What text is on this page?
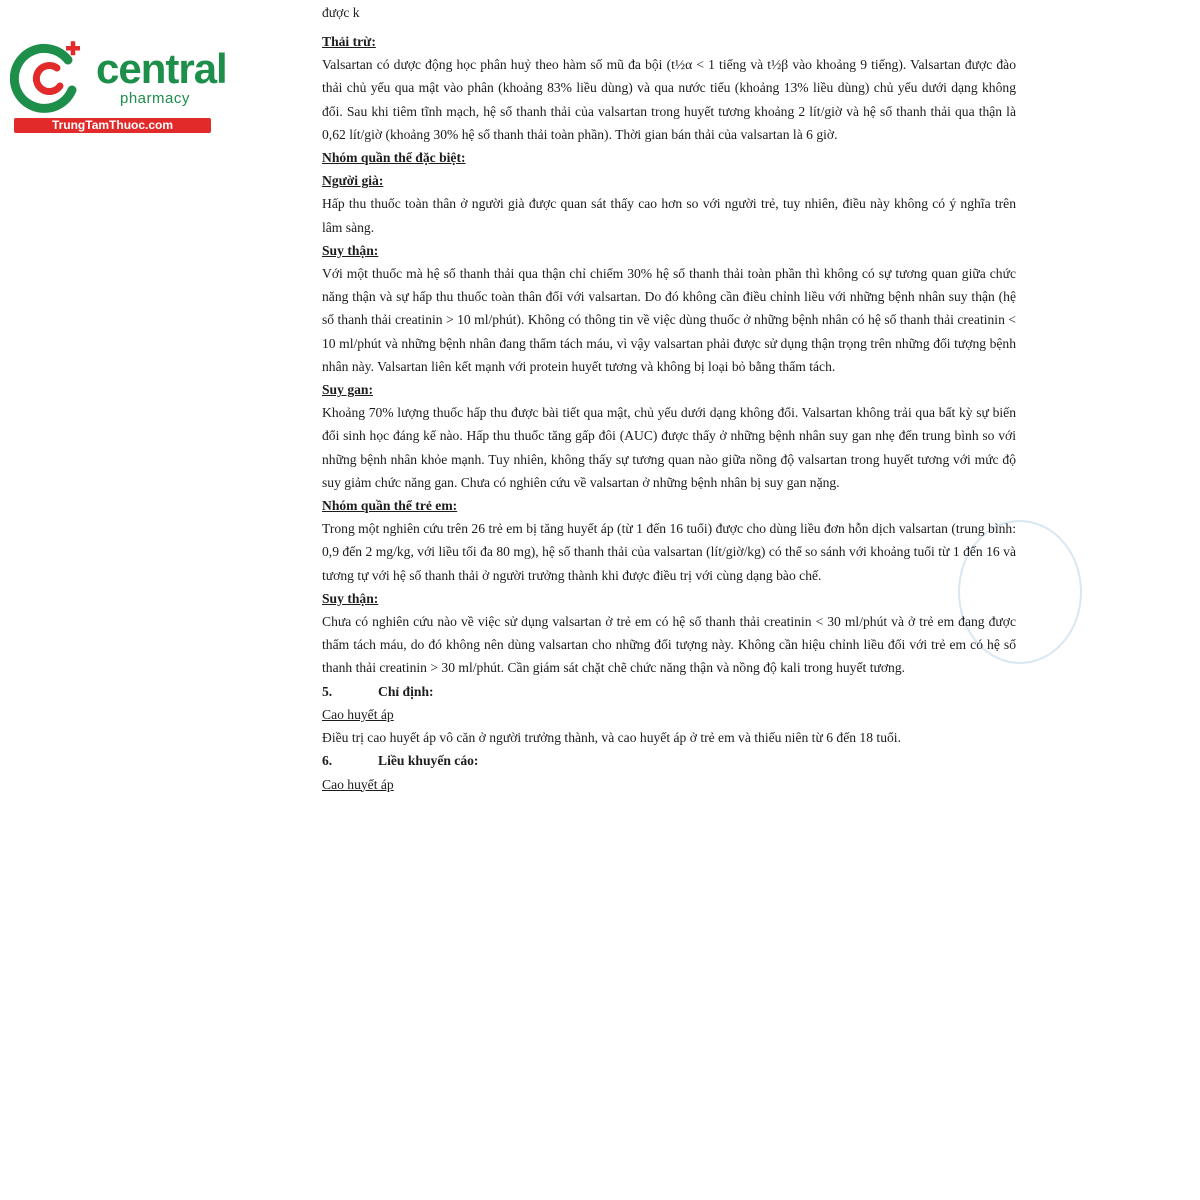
central
pharmacy
TrungTamThuoc.com
được k

Thải trừ:

Valsartan có dược động học phân huỷ theo hàm số mũ đa bội (t½α < 1 tiếng và t½β vào khoảng 9 tiếng). Valsartan được đào thải chủ yếu qua mật vào phân (khoảng 83% liều dùng) và qua nước tiểu (khoảng 13% liều dùng) chủ yếu dưới dạng không đổi. Sau khi tiêm tĩnh mạch, hệ số thanh thải của valsartan trong huyết tương khoảng 2 lít/giờ và hệ số thanh thải qua thận là 0,62 lít/giờ (khoảng 30% hệ số thanh thải toàn phần). Thời gian bán thải của valsartan là 6 giờ.

Nhóm quần thể đặc biệt:

Người già:

Hấp thu thuốc toàn thân ở người già được quan sát thấy cao hơn so với người trẻ, tuy nhiên, điều này không có ý nghĩa trên lâm sàng.

Suy thận:

Với một thuốc mà hệ số thanh thải qua thận chỉ chiếm 30% hệ số thanh thải toàn phần thì không có sự tương quan giữa chức năng thận và sự hấp thu thuốc toàn thân đối với valsartan. Do đó không cần điều chỉnh liều với những bệnh nhân suy thận (hệ số thanh thải creatinin > 10 ml/phút). Không có thông tin về việc dùng thuốc ở những bệnh nhân có hệ số thanh thải creatinin < 10 ml/phút và những bệnh nhân đang thẩm tách máu, vì vậy valsartan phải được sử dụng thận trọng trên những đối tượng bệnh nhân này. Valsartan liên kết mạnh với protein huyết tương và không bị loại bỏ bằng thẩm tách.

Suy gan:

Khoảng 70% lượng thuốc hấp thu được bài tiết qua mật, chủ yếu dưới dạng không đổi. Valsartan không trải qua bất kỳ sự biến đổi sinh học đáng kể nào. Hấp thu thuốc tăng gấp đôi (AUC) được thấy ở những bệnh nhân suy gan nhẹ đến trung bình so với những bệnh nhân khỏe mạnh. Tuy nhiên, không thấy sự tương quan nào giữa nồng độ valsartan trong huyết tương với mức độ suy giảm chức năng gan. Chưa có nghiên cứu về valsartan ở những bệnh nhân bị suy gan nặng.

Nhóm quần thể trẻ em:

Trong một nghiên cứu trên 26 trẻ em bị tăng huyết áp (từ 1 đến 16 tuổi) được cho dùng liều đơn hỗn dịch valsartan (trung bình: 0,9 đến 2 mg/kg, với liều tối đa 80 mg), hệ số thanh thải của valsartan (lít/giờ/kg) có thể so sánh với khoảng tuổi từ 1 đến 16 và tương tự với hệ số thanh thải ở người trưởng thành khi được điều trị với cùng dạng bào chế.

Suy thận:

Chưa có nghiên cứu nào về việc sử dụng valsartan ở trẻ em có hệ số thanh thải creatinin < 30 ml/phút và ở trẻ em đang được thẩm tách máu, do đó không nên dùng valsartan cho những đối tượng này. Không cần hiệu chỉnh liều đối với trẻ em có hệ số thanh thải creatinin > 30 ml/phút. Cần giám sát chặt chẽ chức năng thận và nồng độ kali trong huyết tương.

5.	Chỉ định:

Cao huyết áp

Điều trị cao huyết áp vô căn ở người trưởng thành, và cao huyết áp ở trẻ em và thiếu niên từ 6 đến 18 tuổi.

6.	Liều khuyến cáo:

Cao huyết áp
